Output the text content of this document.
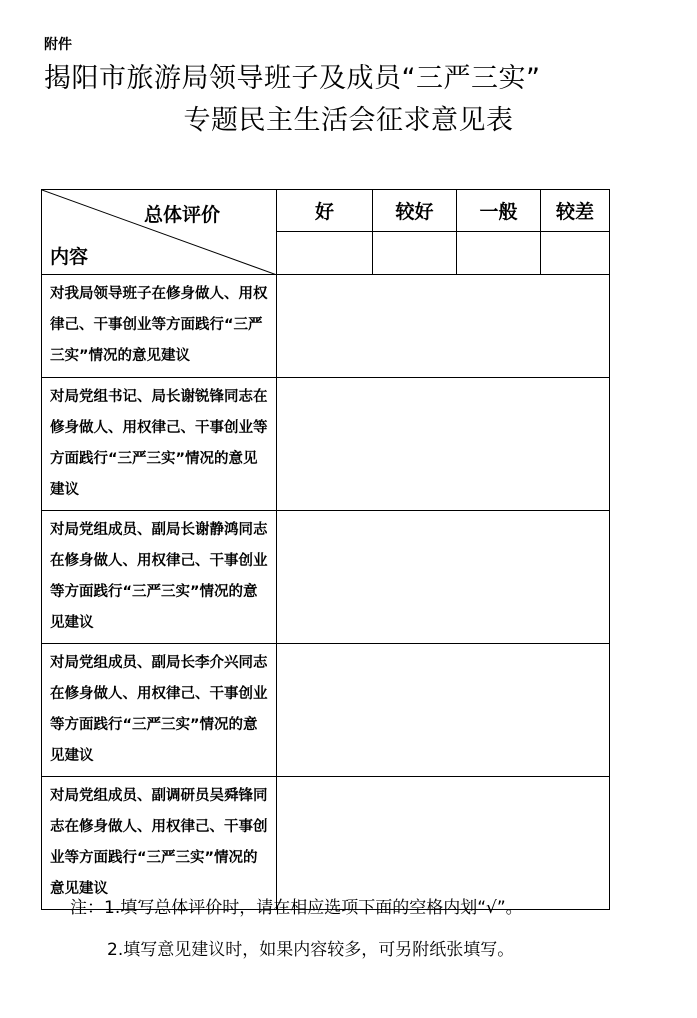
附件
揭阳市旅游局领导班子及成员“三严三实”
专题民主生活会征求意见表
总体评价
内容	好	较好	一般	较差

对我局领导班子在修身做人、用权律己、干事创业等方面践行“三严三实”情况的意见建议				
对局党组书记、局长谢锐锋同志在修身做人、用权律己、干事创业等方面践行“三严三实”情况的意见建议				
对局党组成员、副局长谢静鸿同志在修身做人、用权律己、干事创业等方面践行“三严三实”情况的意见建议				
对局党组成员、副局长李介兴同志在修身做人、用权律己、干事创业等方面践行“三严三实”情况的意见建议				
对局党组成员、副调研员吴舜锋同志在修身做人、用权律己、干事创业等方面践行“三严三实”情况的意见建议				
注：1.填写总体评价时，请在相应选项下面的空格内划“√”。
2.填写意见建议时，如果内容较多，可另附纸张填写。
